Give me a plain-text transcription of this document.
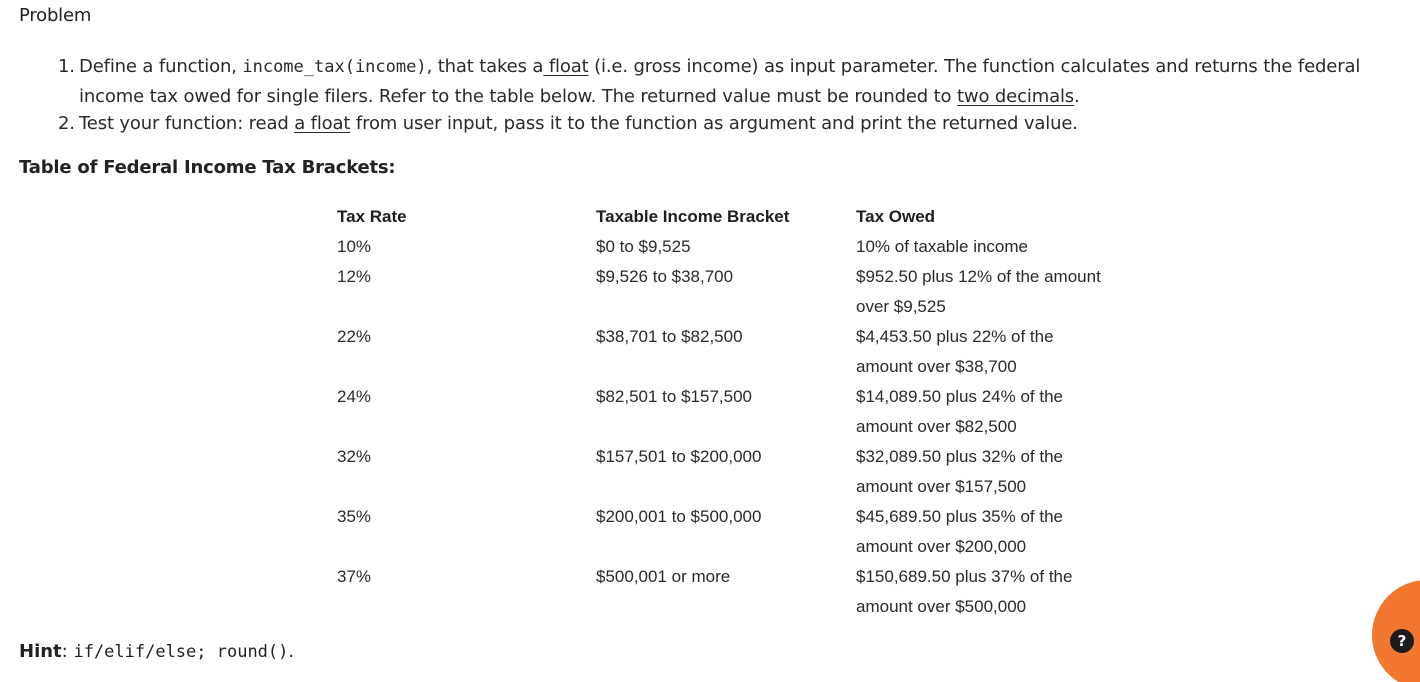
Problem
1. Define a function, income_tax(income), that takes a float (i.e. gross income) as input parameter. The function calculates and returns the federal income tax owed for single filers. Refer to the table below. The returned value must be rounded to two decimals.
2. Test your function: read a float from user input, pass it to the function as argument and print the returned value.
Table of Federal Income Tax Brackets:
Tax Rate	Taxable Income Bracket	Tax Owed
10%	$0 to $9,525	10% of taxable income
12%	$9,526 to $38,700	$952.50 plus 12% of the amount over $9,525
22%	$38,701 to $82,500	$4,453.50 plus 22% of the amount over $38,700
24%	$82,501 to $157,500	$14,089.50 plus 24% of the amount over $82,500
32%	$157,501 to $200,000	$32,089.50 plus 32% of the amount over $157,500
35%	$200,001 to $500,000	$45,689.50 plus 35% of the amount over $200,000
37%	$500,001 or more	$150,689.50 plus 37% of the amount over $500,000
Hint: if/elif/else; round().	?
